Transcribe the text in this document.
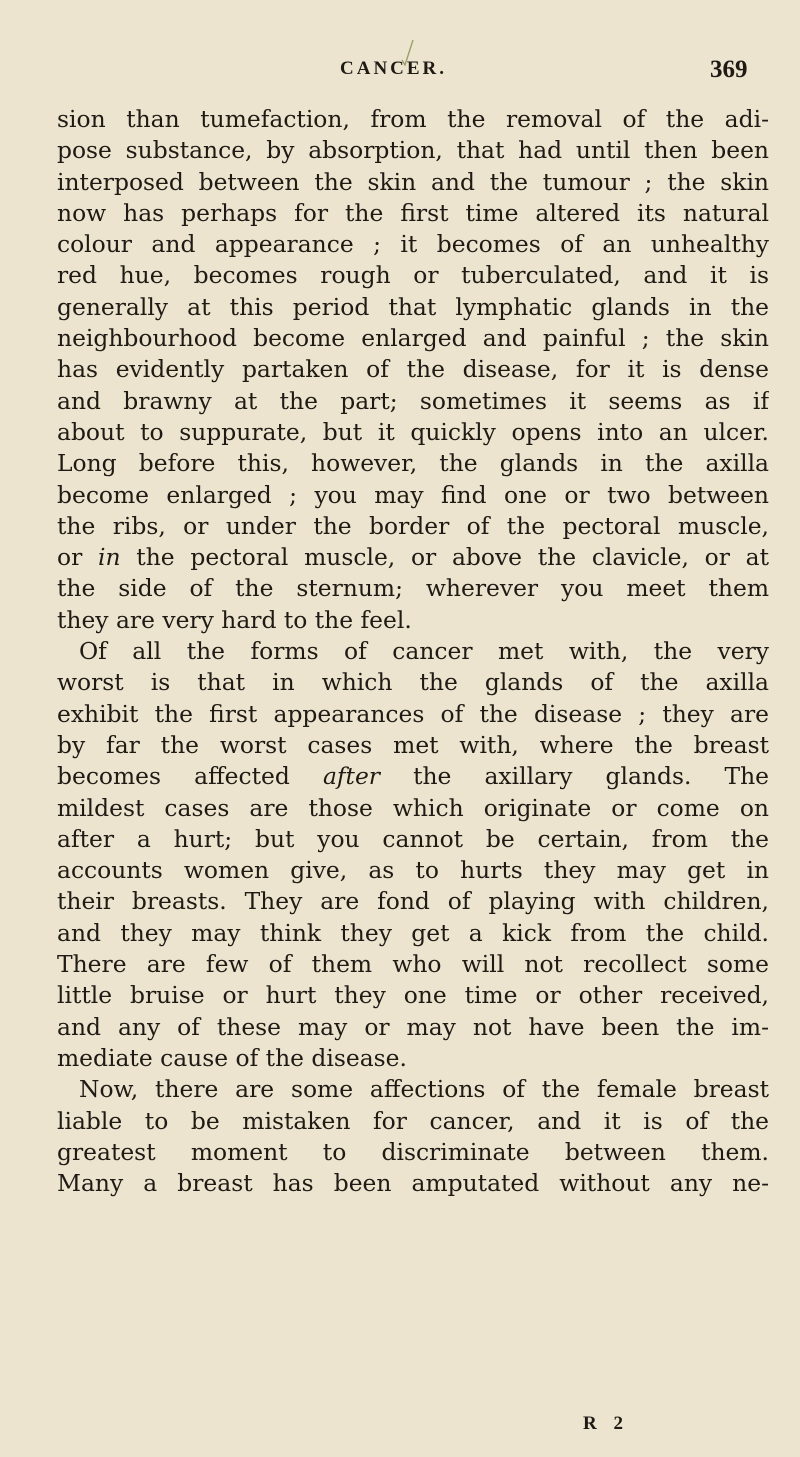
CANCER.	369
sion than tumefaction, from the removal of the adi-
pose substance, by absorption, that had until then been
interposed between the skin and the tumour ; the skin
now has perhaps for the first time altered its natural
colour and appearance ; it becomes of an unhealthy
red hue, becomes rough or tuberculated, and it is
generally at this period that lymphatic glands in the
neighbourhood become enlarged and painful ; the skin
has evidently partaken of the disease, for it is dense
and brawny at the part; sometimes it seems as if
about to suppurate, but it quickly opens into an ulcer.
Long before this, however, the glands in the axilla
become enlarged ; you may find one or two between
the ribs, or under the border of the pectoral muscle,
or in the pectoral muscle, or above the clavicle, or at
the side of the sternum; wherever you meet them
they are very hard to the feel.
Of all the forms of cancer met with, the very
worst is that in which the glands of the axilla
exhibit the first appearances of the disease ; they are
by far the worst cases met with, where the breast
becomes affected after the axillary glands. The
mildest cases are those which originate or come on
after a hurt; but you cannot be certain, from the
accounts women give, as to hurts they may get in
their breasts. They are fond of playing with children,
and they may think they get a kick from the child.
There are few of them who will not recollect some
little bruise or hurt they one time or other received,
and any of these may or may not have been the im-
mediate cause of the disease.
Now, there are some affections of the female breast
liable to be mistaken for cancer, and it is of the
greatest moment to discriminate between them.
Many a breast has been amputated without any ne-
R 2
